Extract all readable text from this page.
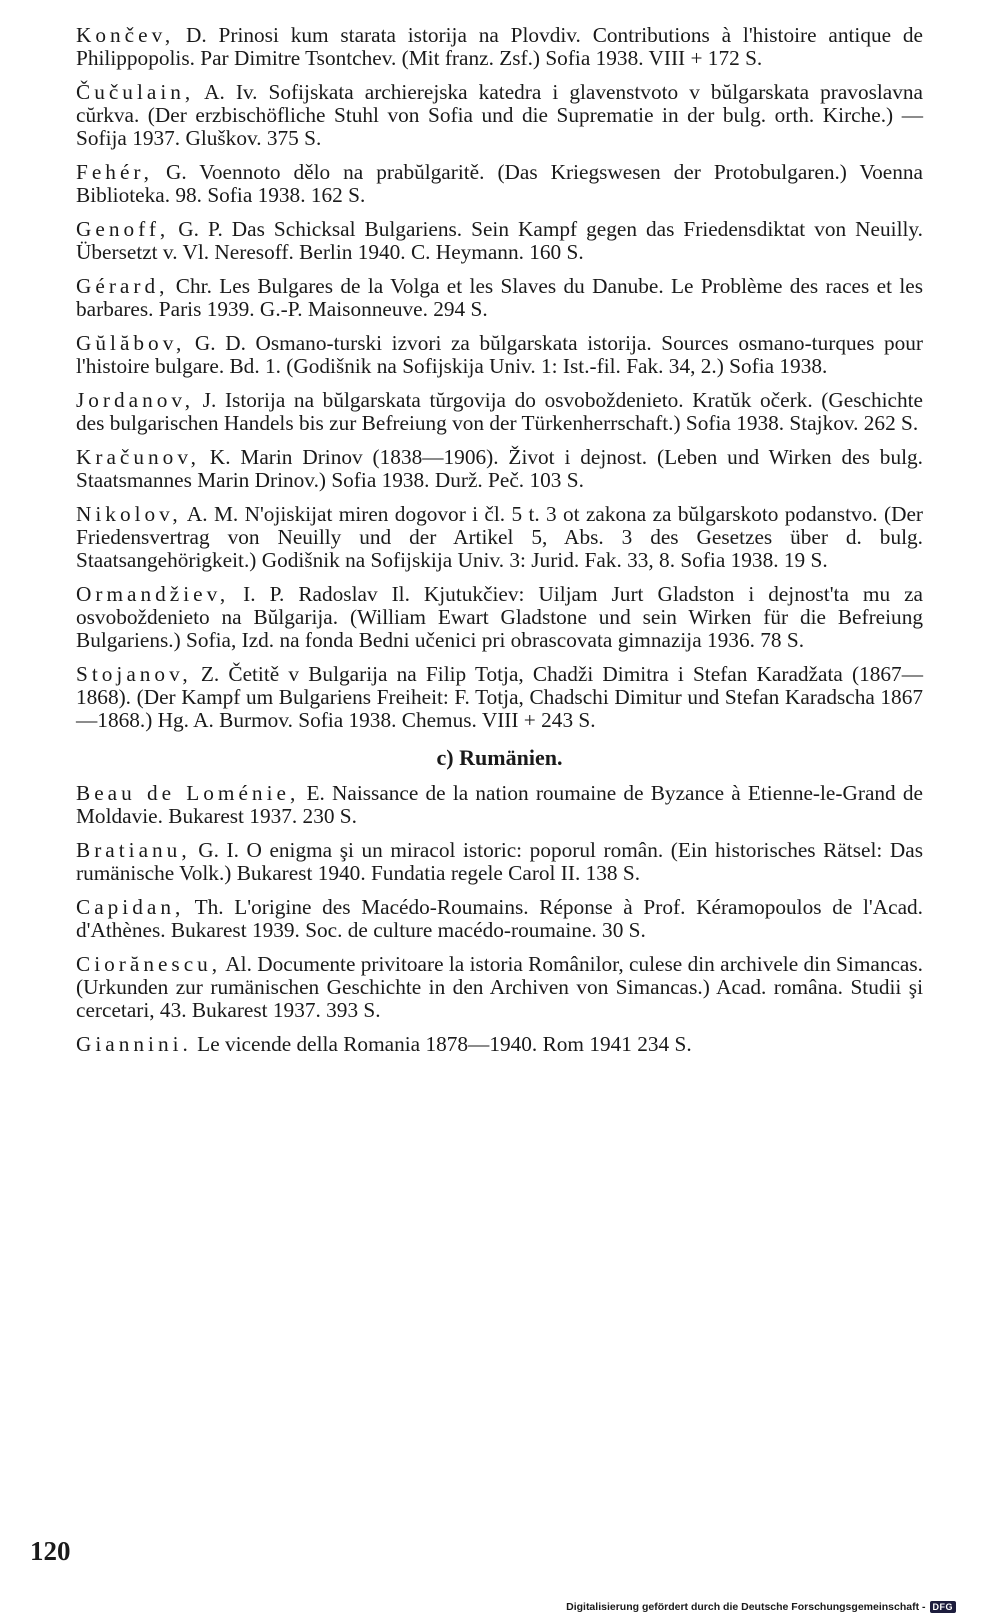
Končev, D. Prinosi kum starata istorija na Plovdiv. Contributions à l'histoire antique de Philippopolis. Par Dimitre Tsontchev. (Mit franz. Zsf.) Sofia 1938. VIII + 172 S.

Čučulain, A. Iv. Sofijskata archierejska katedra i glavenstvoto v bŭlgarskata pravoslavna cŭrkva. (Der erzbischöfliche Stuhl von Sofia und die Suprematie in der bulg. orth. Kirche.) — Sofija 1937. Gluškov. 375 S.

Fehér, G. Voennoto dělo na prabŭlgaritě. (Das Kriegswesen der Protobulgaren.) Voenna Biblioteka. 98. Sofia 1938. 162 S.

Genoff, G. P. Das Schicksal Bulgariens. Sein Kampf gegen das Friedensdiktat von Neuilly. Übersetzt v. Vl. Neresoff. Berlin 1940. C. Heymann. 160 S.

Gérard, Chr. Les Bulgares de la Volga et les Slaves du Danube. Le Problème des races et les barbares. Paris 1939. G.-P. Maisonneuve. 294 S.

Gŭlăbov, G. D. Osmano-turski izvori za bŭlgarskata istorija. Sources osmano-turques pour l'histoire bulgare. Bd. 1. (Godišnik na Sofijskija Univ. 1: Ist.-fil. Fak. 34, 2.) Sofia 1938.

Jordanov, J. Istorija na bŭlgarskata tŭrgovija do osvoboždenieto. Kratŭk očerk. (Geschichte des bulgarischen Handels bis zur Befreiung von der Türkenherrschaft.) Sofia 1938. Stajkov. 262 S.

Kračunov, K. Marin Drinov (1838—1906). Život i dejnost. (Leben und Wirken des bulg. Staatsmannes Marin Drinov.) Sofia 1938. Durž. Peč. 103 S.

Nikolov, A. M. N'ojiskijat miren dogovor i čl. 5 t. 3 ot zakona za bŭlgarskoto podanstvo. (Der Friedensvertrag von Neuilly und der Artikel 5, Abs. 3 des Gesetzes über d. bulg. Staatsangehörigkeit.) Godišnik na Sofijskija Univ. 3: Jurid. Fak. 33, 8. Sofia 1938. 19 S.

Ormandžiev, I. P. Radoslav Il. Kjutukčiev: Uiljam Jurt Gladston i dejnost'ta mu za osvoboždenieto na Bŭlgarija. (William Ewart Gladstone und sein Wirken für die Befreiung Bulgariens.) Sofia, Izd. na fonda Bedni učenici pri obrascovata gimnazija 1936. 78 S.

Stojanov, Z. Četitě v Bulgarija na Filip Totja, Chadži Dimitra i Stefan Karadžata (1867—1868). (Der Kampf um Bulgariens Freiheit: F. Totja, Chadschi Dimitur und Stefan Karadscha 1867—1868.) Hg. A. Burmov. Sofia 1938. Chemus. VIII + 243 S.

c) Rumänien.

Beau de Loménie, E. Naissance de la nation roumaine de Byzance à Etienne-le-Grand de Moldavie. Bukarest 1937. 230 S.

Bratianu, G. I. O enigma şi un miracol istoric: poporul român. (Ein historisches Rätsel: Das rumänische Volk.) Bukarest 1940. Fundatia regele Carol II. 138 S.

Capidan, Th. L'origine des Macédo-Roumains. Réponse à Prof. Kéramopoulos de l'Acad. d'Athènes. Bukarest 1939. Soc. de culture macédo-roumaine. 30 S.

Ciorănescu, Al. Documente privitoare la istoria Românilor, culese din archivele din Simancas. (Urkunden zur rumänischen Geschichte in den Archiven von Simancas.) Acad. româna. Studii şi cercetari, 43. Bukarest 1937. 393 S.

Giannini. Le vicende della Romania 1878—1940. Rom 1941 234 S.

120
Digitalisierung gefördert durch die Deutsche Forschungsgemeinschaft - DFG
